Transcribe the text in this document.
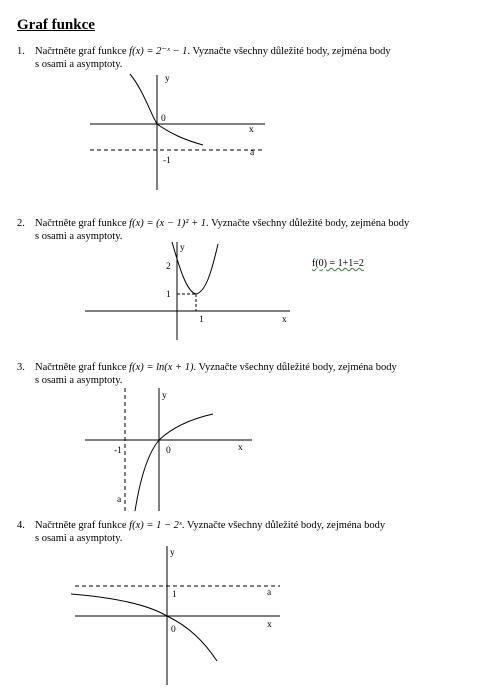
Graf funkce
1. Načrtněte graf funkce f(x) = 2⁻ˣ − 1. Vyznačte všechny důležité body, zejména body
s osami a asymptoty.
y
0
x
-1
a
2. Načrtněte graf funkce f(x) = (x − 1)² + 1. Vyznačte všechny důležité body, zejména body
s osami a asymptoty.
y
2
1
1	x
f(0) = 1+1=2
3. Načrtněte graf funkce f(x) = ln(x + 1). Vyznačte všechny důležité body, zejména body
s osami a asymptoty.
y
-1	0	x
a
4. Načrtněte graf funkce f(x) = 1 − 2ˣ. Vyznačte všechny důležité body, zejména body
s osami a asymptoty.
y
1	a
0	x
